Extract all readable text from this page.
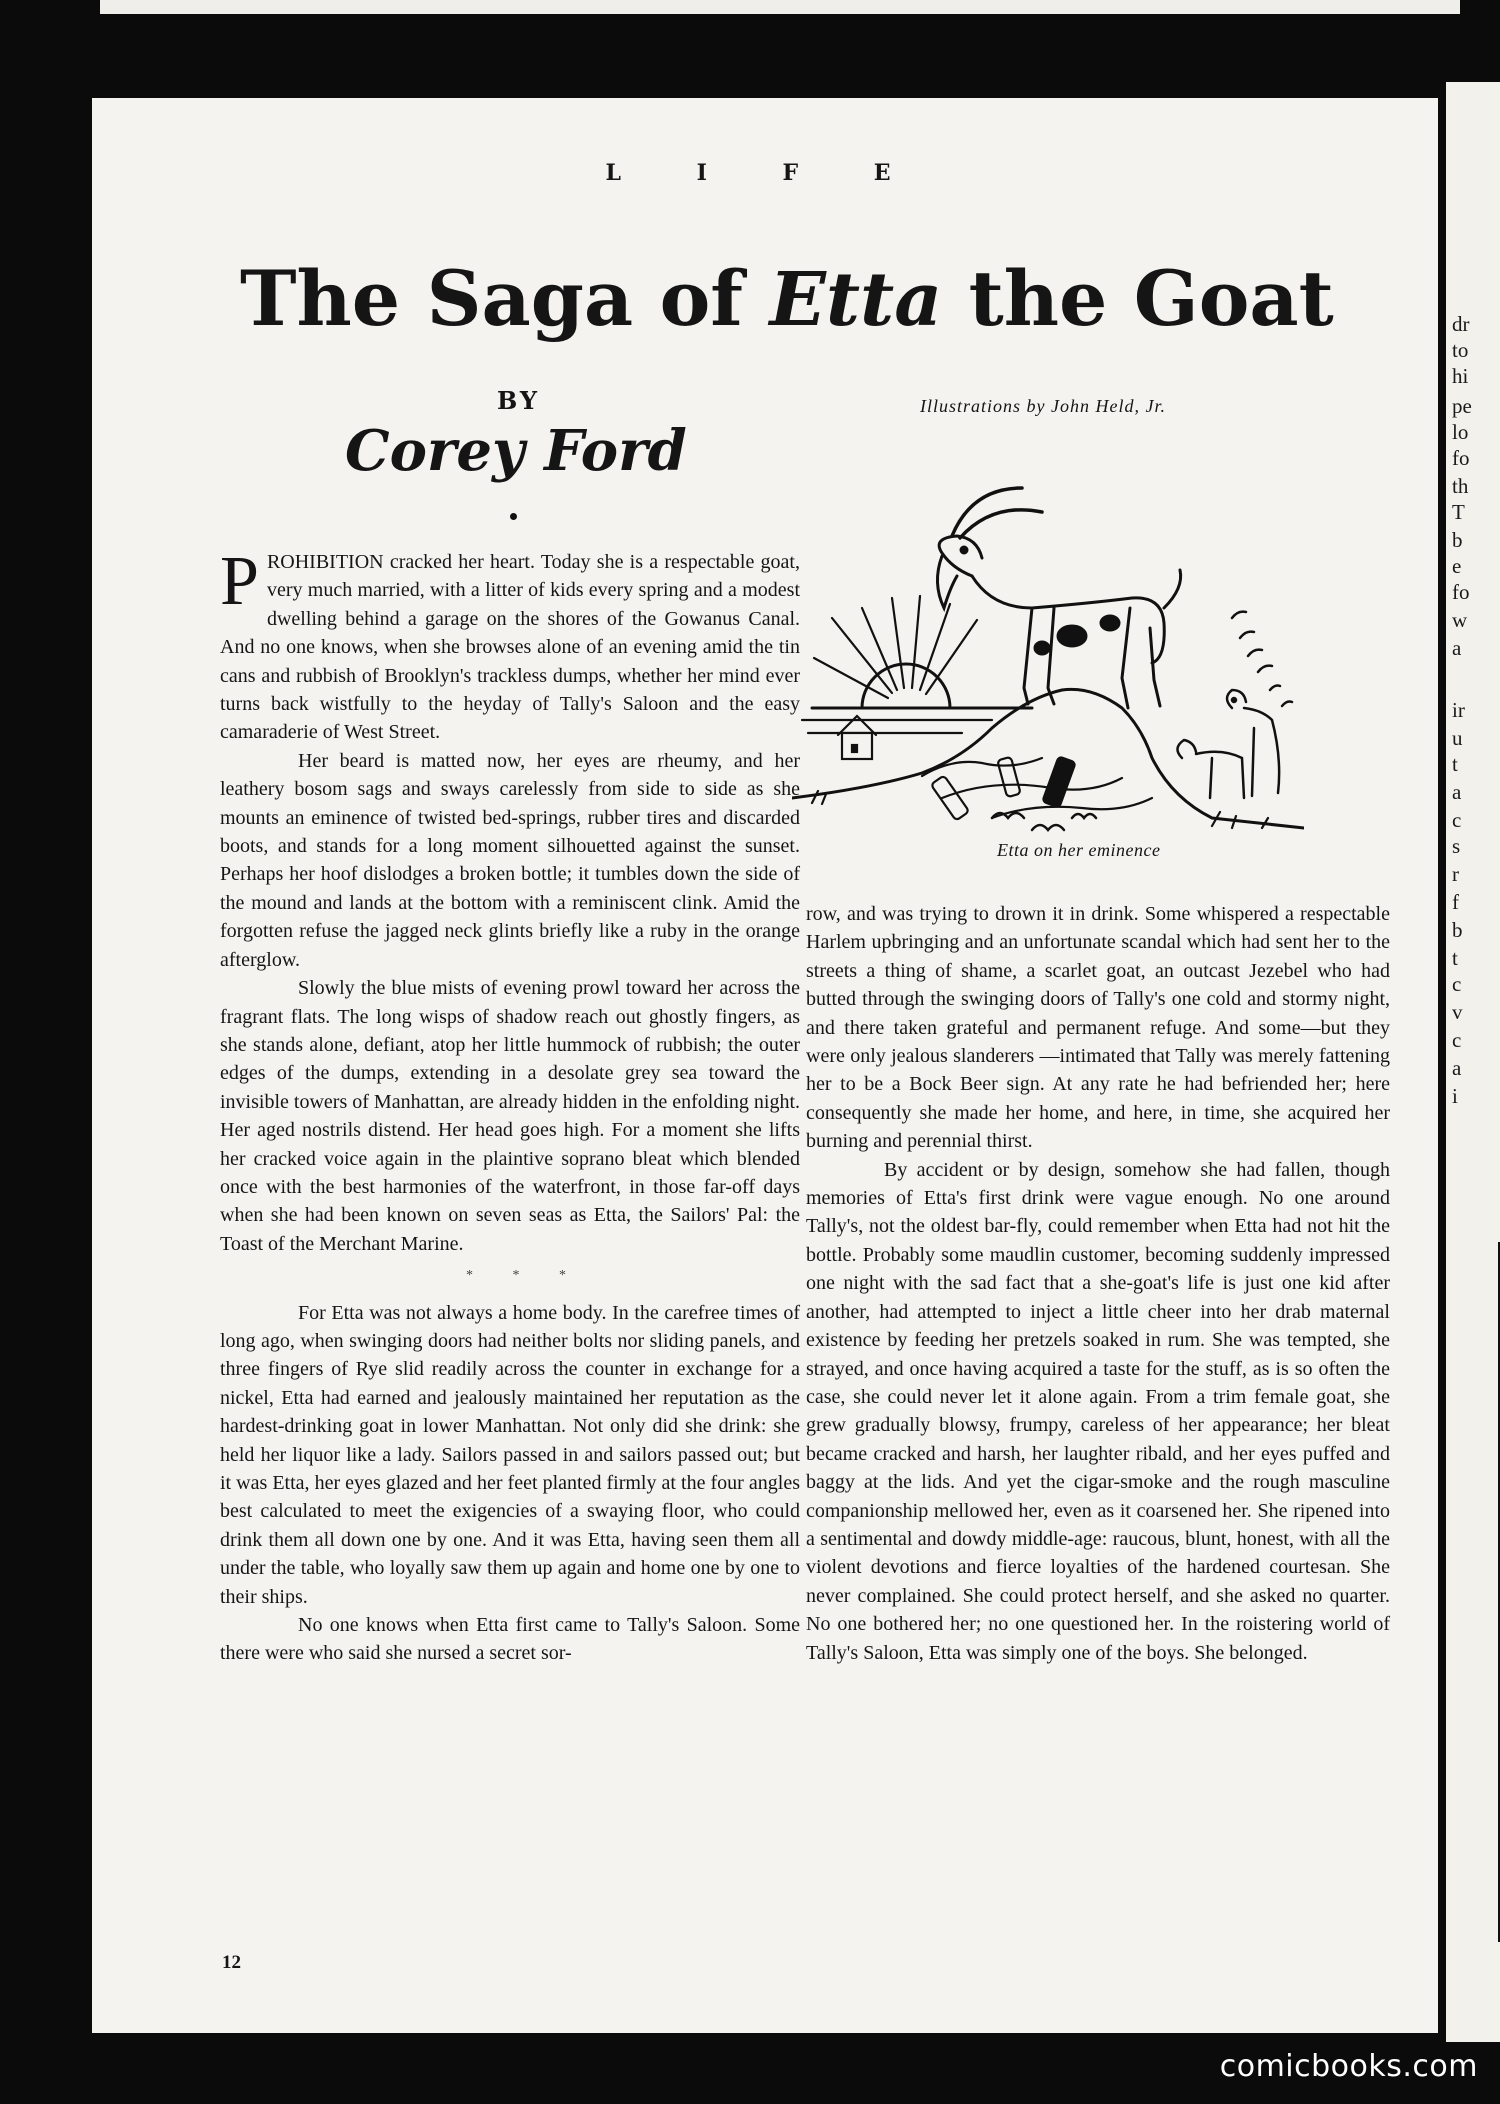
dr
to
hi
pe
lo
fo
th
T
b
e
fo
w
a
ir
u
t
a
c
s
r
f
b
t
c
v
c
a
i
L I F E
The Saga of Etta the Goat
BY
Corey Ford
Illustrations by John Held, Jr.
Etta on her eminence

PROHIBITION cracked her heart. Today she is a respectable goat, very much married, with a litter of kids every spring and a modest dwelling behind a garage on the shores of the Gowanus Canal. And no one knows, when she browses alone of an evening amid the tin cans and rubbish of Brooklyn's trackless dumps, whether her mind ever turns back wistfully to the heyday of Tally's Saloon and the easy camaraderie of West Street.

Her beard is matted now, her eyes are rheumy, and her leathery bosom sags and sways carelessly from side to side as she mounts an eminence of twisted bed-springs, rubber tires and discarded boots, and stands for a long moment silhouetted against the sunset. Perhaps her hoof dislodges a broken bottle; it tumbles down the side of the mound and lands at the bottom with a reminiscent clink. Amid the forgotten refuse the jagged neck glints briefly like a ruby in the orange afterglow.

Slowly the blue mists of evening prowl toward her across the fragrant flats. The long wisps of shadow reach out ghostly fingers, as she stands alone, defiant, atop her little hummock of rubbish; the outer edges of the dumps, extending in a desolate grey sea toward the invisible towers of Manhattan, are already hidden in the enfolding night. Her aged nostrils distend. Her head goes high. For a moment she lifts her cracked voice again in the plaintive soprano bleat which blended once with the best harmonies of the waterfront, in those far-off days when she had been known on seven seas as Etta, the Sailors' Pal: the Toast of the Merchant Marine.

* * *

For Etta was not always a home body. In the carefree times of long ago, when swinging doors had neither bolts nor sliding panels, and three fingers of Rye slid readily across the counter in exchange for a nickel, Etta had earned and jealously maintained her reputation as the hardest-drinking goat in lower Manhattan. Not only did she drink: she held her liquor like a lady. Sailors passed in and sailors passed out; but it was Etta, her eyes glazed and her feet planted firmly at the four angles best calculated to meet the exigencies of a swaying floor, who could drink them all down one by one. And it was Etta, having seen them all under the table, who loyally saw them up again and home one by one to their ships.

No one knows when Etta first came to Tally's Saloon. Some there were who said she nursed a secret sor-

row, and was trying to drown it in drink. Some whispered a respectable Harlem upbringing and an unfortunate scandal which had sent her to the streets a thing of shame, a scarlet goat, an outcast Jezebel who had butted through the swinging doors of Tally's one cold and stormy night, and there taken grateful and permanent refuge. And some—but they were only jealous slanderers —intimated that Tally was merely fattening her to be a Bock Beer sign. At any rate he had befriended her; here consequently she made her home, and here, in time, she acquired her burning and perennial thirst.

By accident or by design, somehow she had fallen, though memories of Etta's first drink were vague enough. No one around Tally's, not the oldest bar-fly, could remember when Etta had not hit the bottle. Probably some maudlin customer, becoming suddenly impressed one night with the sad fact that a she-goat's life is just one kid after another, had attempted to inject a little cheer into her drab maternal existence by feeding her pretzels soaked in rum. She was tempted, she strayed, and once having acquired a taste for the stuff, as is so often the case, she could never let it alone again. From a trim female goat, she grew gradually blowsy, frumpy, careless of her appearance; her bleat became cracked and harsh, her laughter ribald, and her eyes puffed and baggy at the lids. And yet the cigar-smoke and the rough masculine companionship mellowed her, even as it coarsened her. She ripened into a sentimental and dowdy middle-age: raucous, blunt, honest, with all the violent devotions and fierce loyalties of the hardened courtesan. She never complained. She could protect herself, and she asked no quarter. No one bothered her; no one questioned her. In the roistering world of Tally's Saloon, Etta was simply one of the boys. She belonged.

12
comicbooks.com
